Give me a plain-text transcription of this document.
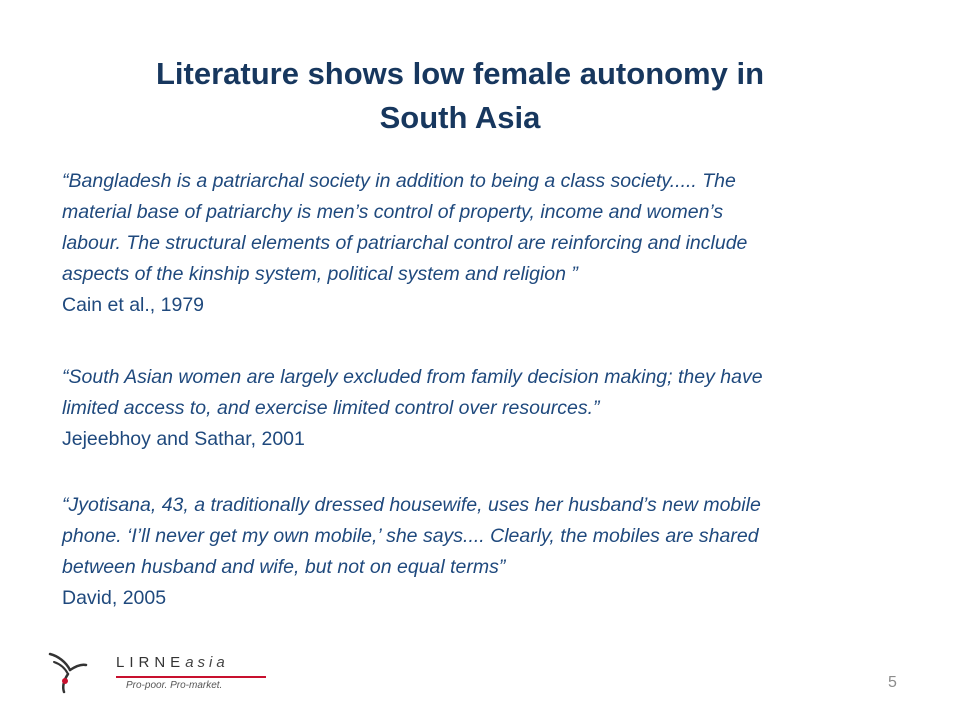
Literature shows low female autonomy in
South Asia

“Bangladesh is a patriarchal society in addition to being a class society..... The
material base of patriarchy is men’s control of property, income and women’s
labour. The structural elements of patriarchal control are reinforcing and include
aspects of the kinship system, political system and religion ”

Cain et al., 1979

“South Asian women are largely excluded from family decision making; they have
limited access to, and exercise limited control over resources.”

Jejeebhoy and Sathar, 2001

“Jyotisana, 43, a traditionally dressed housewife, uses her husband’s new mobile
phone. ‘I’ll never get my own mobile,’ she says.... Clearly, the mobiles are shared
between husband and wife, but not on equal terms”

David, 2005
LIRNEasia
Pro-poor. Pro-market.	5
